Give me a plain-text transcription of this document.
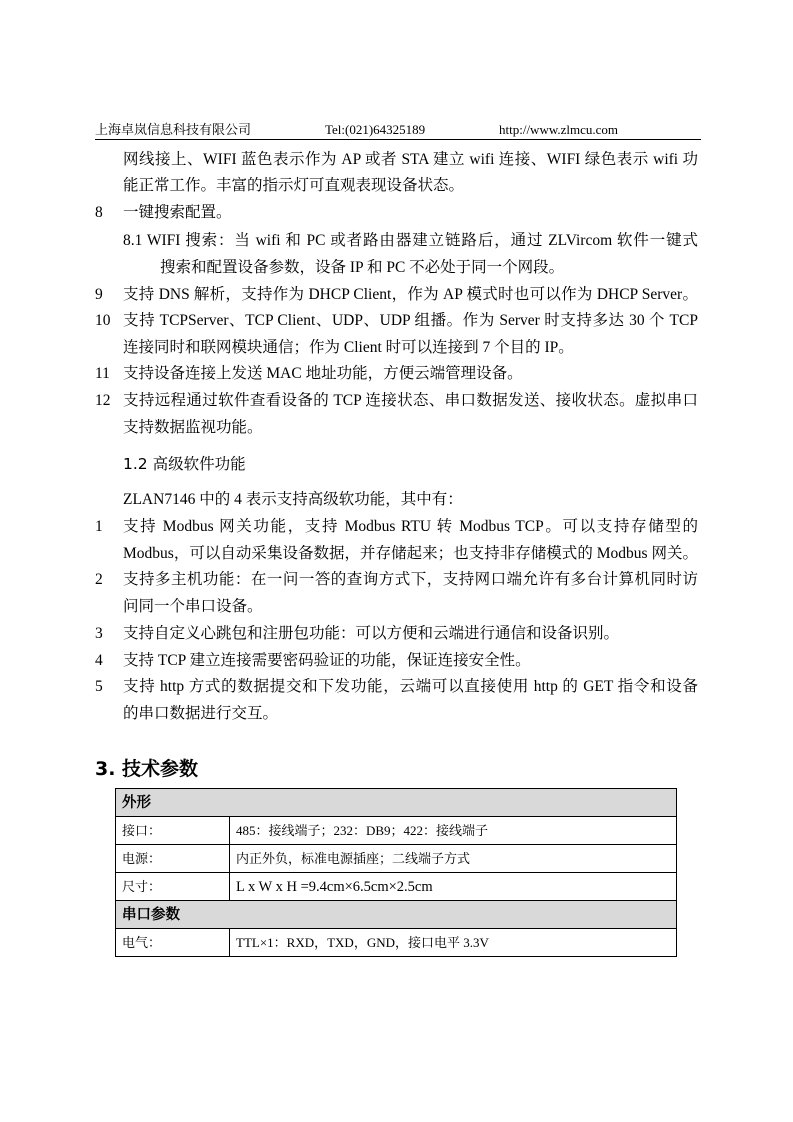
上海卓岚信息科技有限公司	Tel:(021)64325189	http://www.zlmcu.com
网线接上、WIFI 蓝色表示作为 AP 或者 STA 建立 wifi 连接、WIFI 绿色表示 wifi 功
能正常工作。丰富的指示灯可直观表现设备状态。
8 一键搜索配置。
8.1 WIFI 搜索：当 wifi 和 PC 或者路由器建立链路后，通过 ZLVircom 软件一键式
搜索和配置设备参数，设备 IP 和 PC 不必处于同一个网段。
9 支持 DNS 解析，支持作为 DHCP Client，作为 AP 模式时也可以作为 DHCP Server。
10 支持 TCPServer、TCP Client、UDP、UDP 组播。作为 Server 时支持多达 30 个 TCP
连接同时和联网模块通信；作为 Client 时可以连接到 7 个目的 IP。
11 支持设备连接上发送 MAC 地址功能，方便云端管理设备。
12 支持远程通过软件查看设备的 TCP 连接状态、串口数据发送、接收状态。虚拟串口
支持数据监视功能。
1.2 高级软件功能
ZLAN7146 中的 4 表示支持高级软功能，其中有：
1 支持 Modbus 网关功能，支持 Modbus RTU 转 Modbus TCP。可以支持存储型的
Modbus，可以自动采集设备数据，并存储起来；也支持非存储模式的 Modbus 网关。
2 支持多主机功能：在一问一答的查询方式下，支持网口端允许有多台计算机同时访
问同一个串口设备。
3 支持自定义心跳包和注册包功能：可以方便和云端进行通信和设备识别。
4 支持 TCP 建立连接需要密码验证的功能，保证连接安全性。
5 支持 http 方式的数据提交和下发功能，云端可以直接使用 http 的 GET 指令和设备
的串口数据进行交互。
3. 技术参数
外形	
接口：	485：接线端子；232：DB9；422：接线端子
电源：	内正外负，标准电源插座；二线端子方式
尺寸：	L x W x H =9.4cm×6.5cm×2.5cm
串口参数	
电气：	TTL×1：RXD，TXD，GND，接口电平 3.3V
